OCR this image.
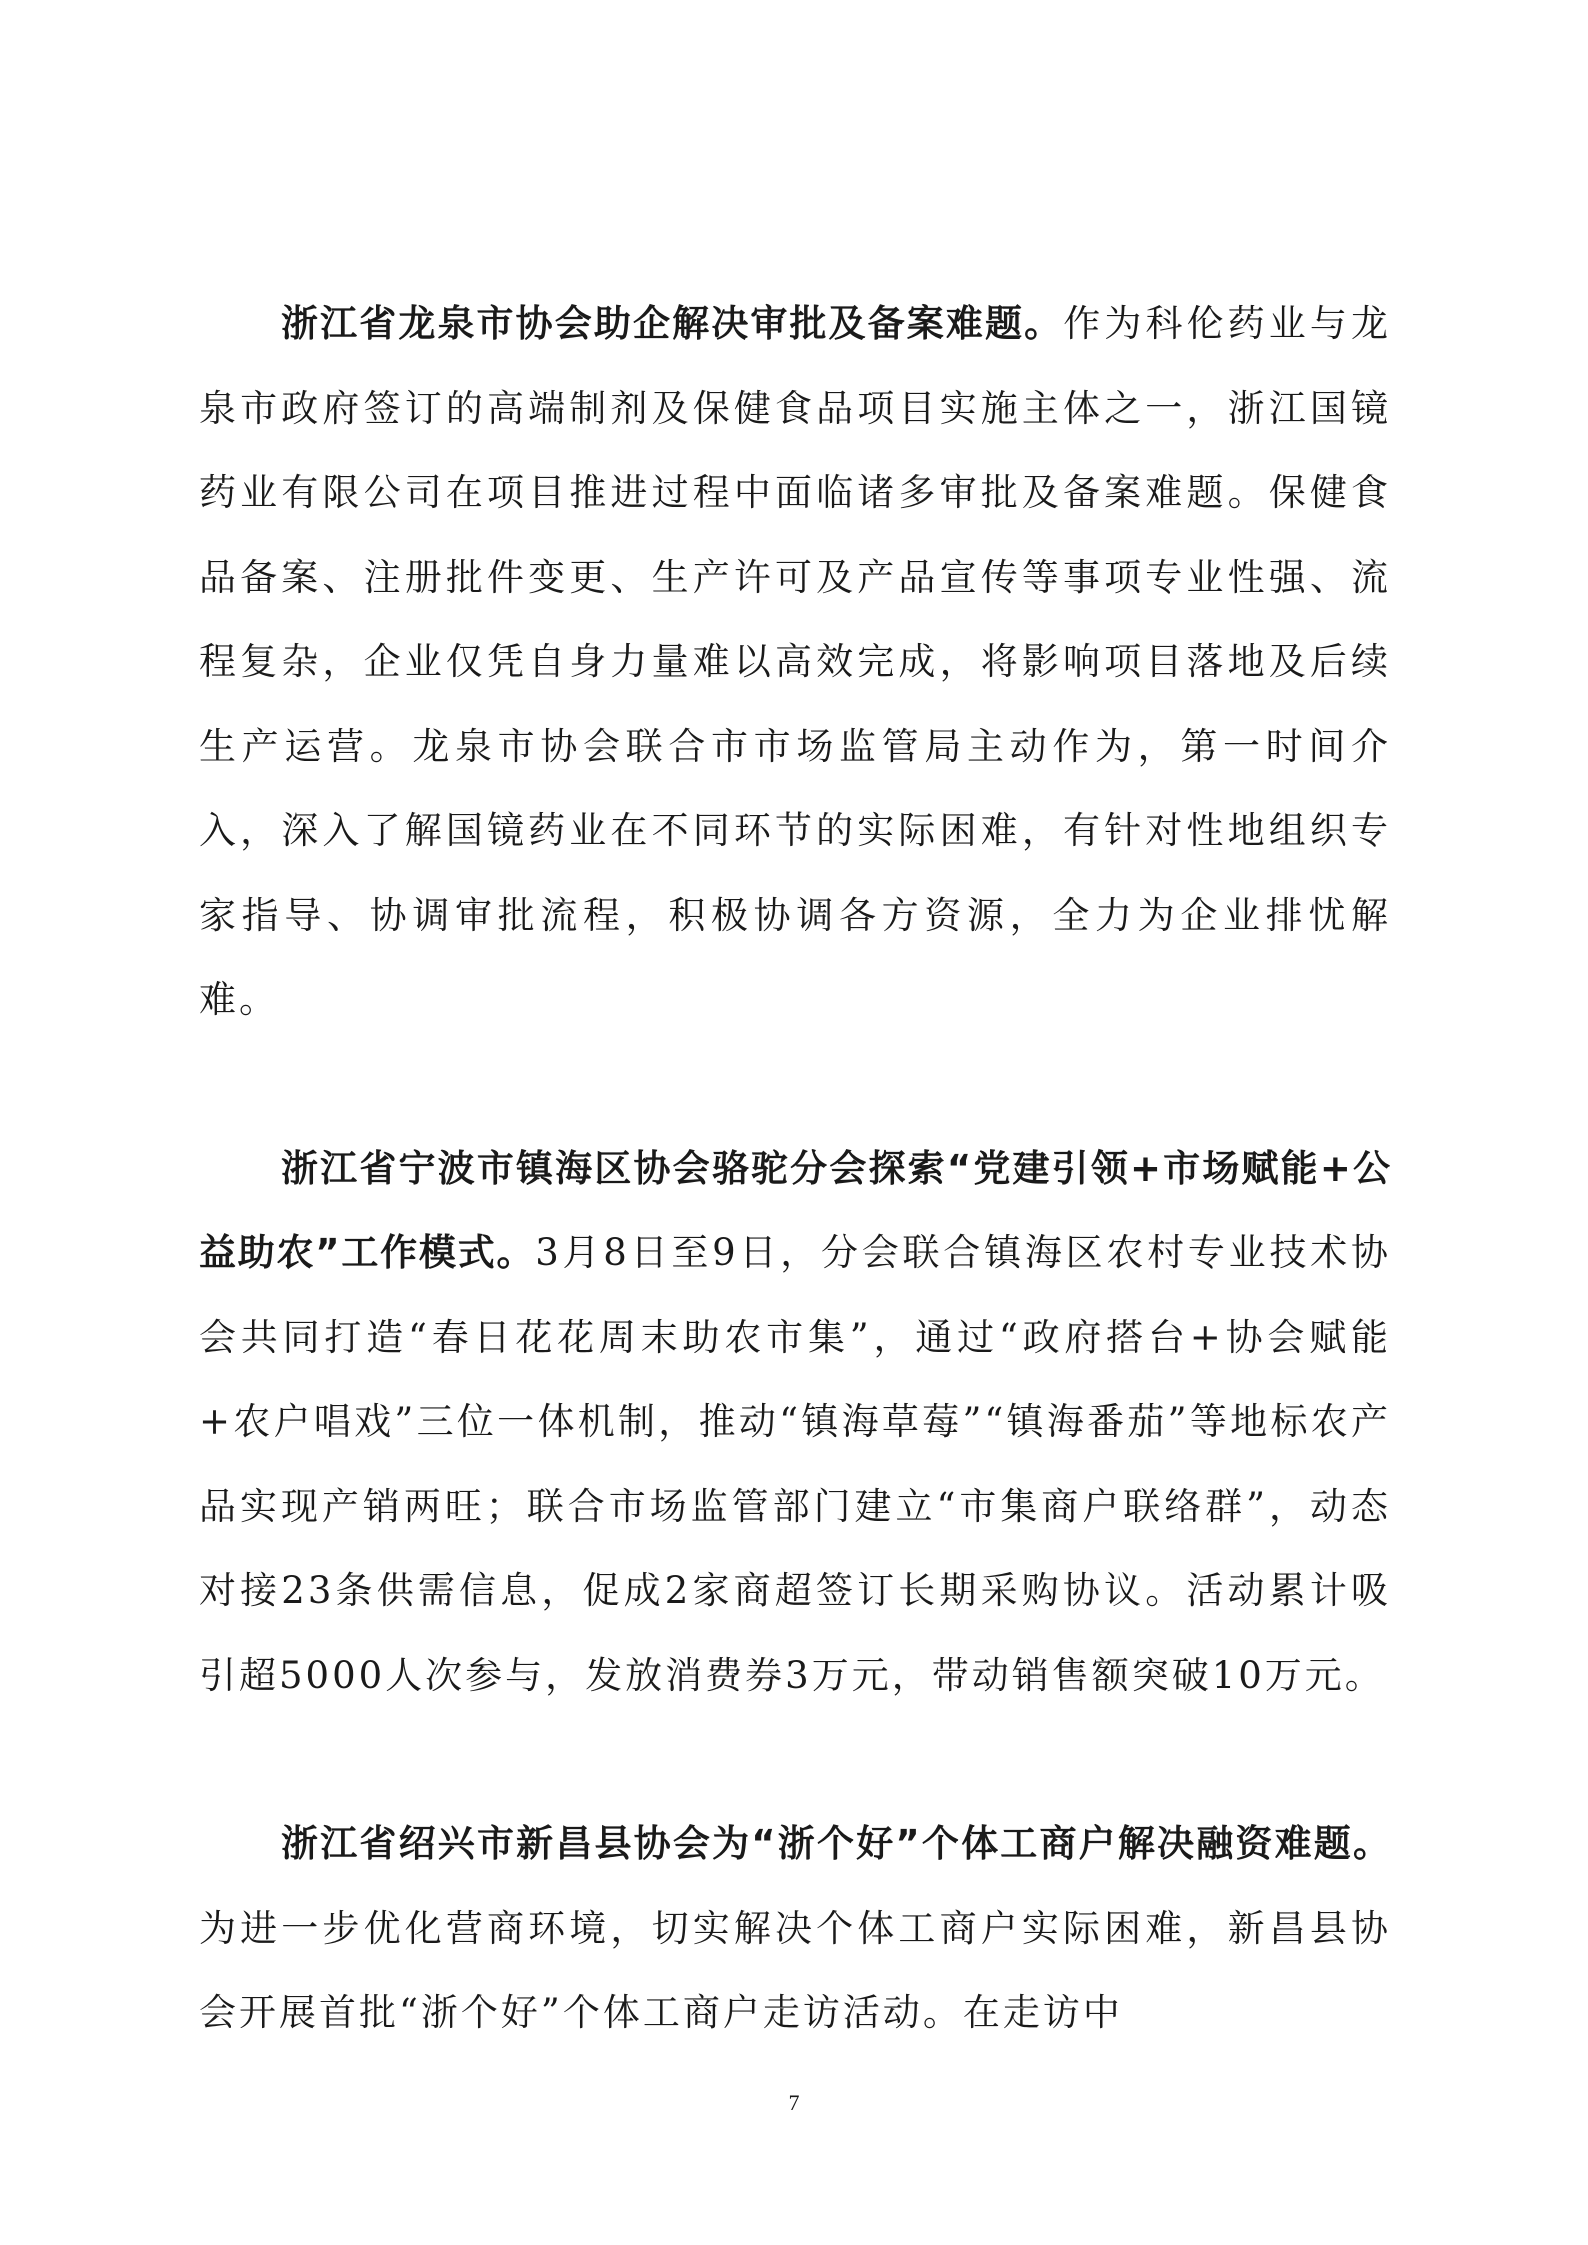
浙江省龙泉市协会助企解决审批及备案难题。作为科伦药业与龙泉市政府签订的高端制剂及保健食品项目实施主体之一，浙江国镜药业有限公司在项目推进过程中面临诸多审批及备案难题。保健食品备案、注册批件变更、生产许可及产品宣传等事项专业性强、流程复杂，企业仅凭自身力量难以高效完成，将影响项目落地及后续生产运营。龙泉市协会联合市市场监管局主动作为，第一时间介入，深入了解国镜药业在不同环节的实际困难，有针对性地组织专家指导、协调审批流程，积极协调各方资源，全力为企业排忧解难。

浙江省宁波市镇海区协会骆驼分会探索“党建引领+市场赋能+公益助农”工作模式。3月8日至9日，分会联合镇海区农村专业技术协会共同打造“春日花花周末助农市集”，通过“政府搭台+协会赋能+农户唱戏”三位一体机制，推动“镇海草莓”“镇海番茄”等地标农产品实现产销两旺；联合市场监管部门建立“市集商户联络群”，动态对接23条供需信息，促成2家商超签订长期采购协议。活动累计吸引超5000人次参与，发放消费券3万元，带动销售额突破10万元。

浙江省绍兴市新昌县协会为“浙个好”个体工商户解决融资难题。为进一步优化营商环境，切实解决个体工商户实际困难，新昌县协会开展首批“浙个好”个体工商户走访活动。在走访中

7
